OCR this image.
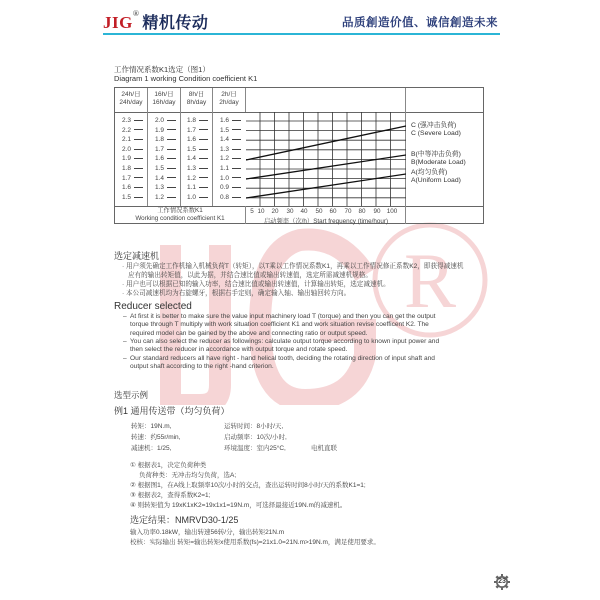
JIG®精机传动	品质創造价值、诚信創造未来
R
工作情况系数K1选定（图1）
Diagram 1 working Condition coefficient K1
24h/日
24h/day
16h/日
16h/day
8h/日
8h/day
2h/日
2h/day
2.3
2.2
2.1
2.0
1.9
1.8
1.7
1.6
1.5
2.0
1.9
1.8
1.7
1.6
1.5
1.4
1.3
1.2
1.8
1.7
1.6
1.5
1.4
1.3
1.2
1.1
1.0
1.6
1.5
1.4
1.3
1.2
1.1
1.0
0.9
0.8
C (强冲击负荷)
C (Severe Load)
B(中等冲击负荷)
B(Moderate Load)
A(均匀负荷)
A(Uniform Load)
工作情况系数K1
Working condition coefficient K1
5 10 20 30 40 50 60 70 80 90 100
启动频率（次/h）Start frequency (time/hour)
选定减速机
· 用户须先确定工作机输入机械负荷T（转矩），以T乘以工作情况系数K1，再乘以工作情况修正系数K2，即获得减速机
应有的输出转矩值，以此为据，并结合速比值或输出转速值，选定所需减速机规格。
· 用户也可以根据已知的输入功率，结合速比值或输出转速值，计算输出转矩，选定减速机。
· 本公司减速机均为右旋螺牙，根据右手定则，确定输入轴、输出轴回转方向。
Reducer selected
– At first it is better to make sure the value input machinery load T (torque) and then you can get the output
torque through T multiply with work situation coefficient K1 and work situation revise coefficent K2. The
required model can be gained by the above and connecting ratio or output speed.
– You can also select the reducer as followings: calculate output torque according to known input power and
then select the reducer in accordance with output torque and rotate speed.
– Our standard reducers all have right - hand helical tooth, deciding the rotating direction of input shaft and
output shaft according to the right -hand criterion.
选型示例
例1 通用传送带（均匀负荷）
转矩：19N.m,
转速：约55r/min,
减速机：1/25,
运转时间：8小时/天,
启动频率：10次/小时,
环境温度：室内25°C,	电机直联
① 根据表1，决定负荷种类
负荷种类：无冲击均匀负荷，选A;
② 根据图1，在A线上取频率10次/小时的交点，查出运转时间8小时/天的系数K1=1;
③ 根据表2，查得系数K2=1;
④ 则转矩值为 19xK1xK2=19x1x1=19N.m，可选择最接近19N.m的减速机。
选定结果：NMRVD30-1/25
输入功率0.18kW，输出转速56转/分，输出转矩21N.m
校核：实际输出 转矩=输出转矩x使用系数(fs)=21x1.0=21N.m>19N.m，满足使用要求。
23
